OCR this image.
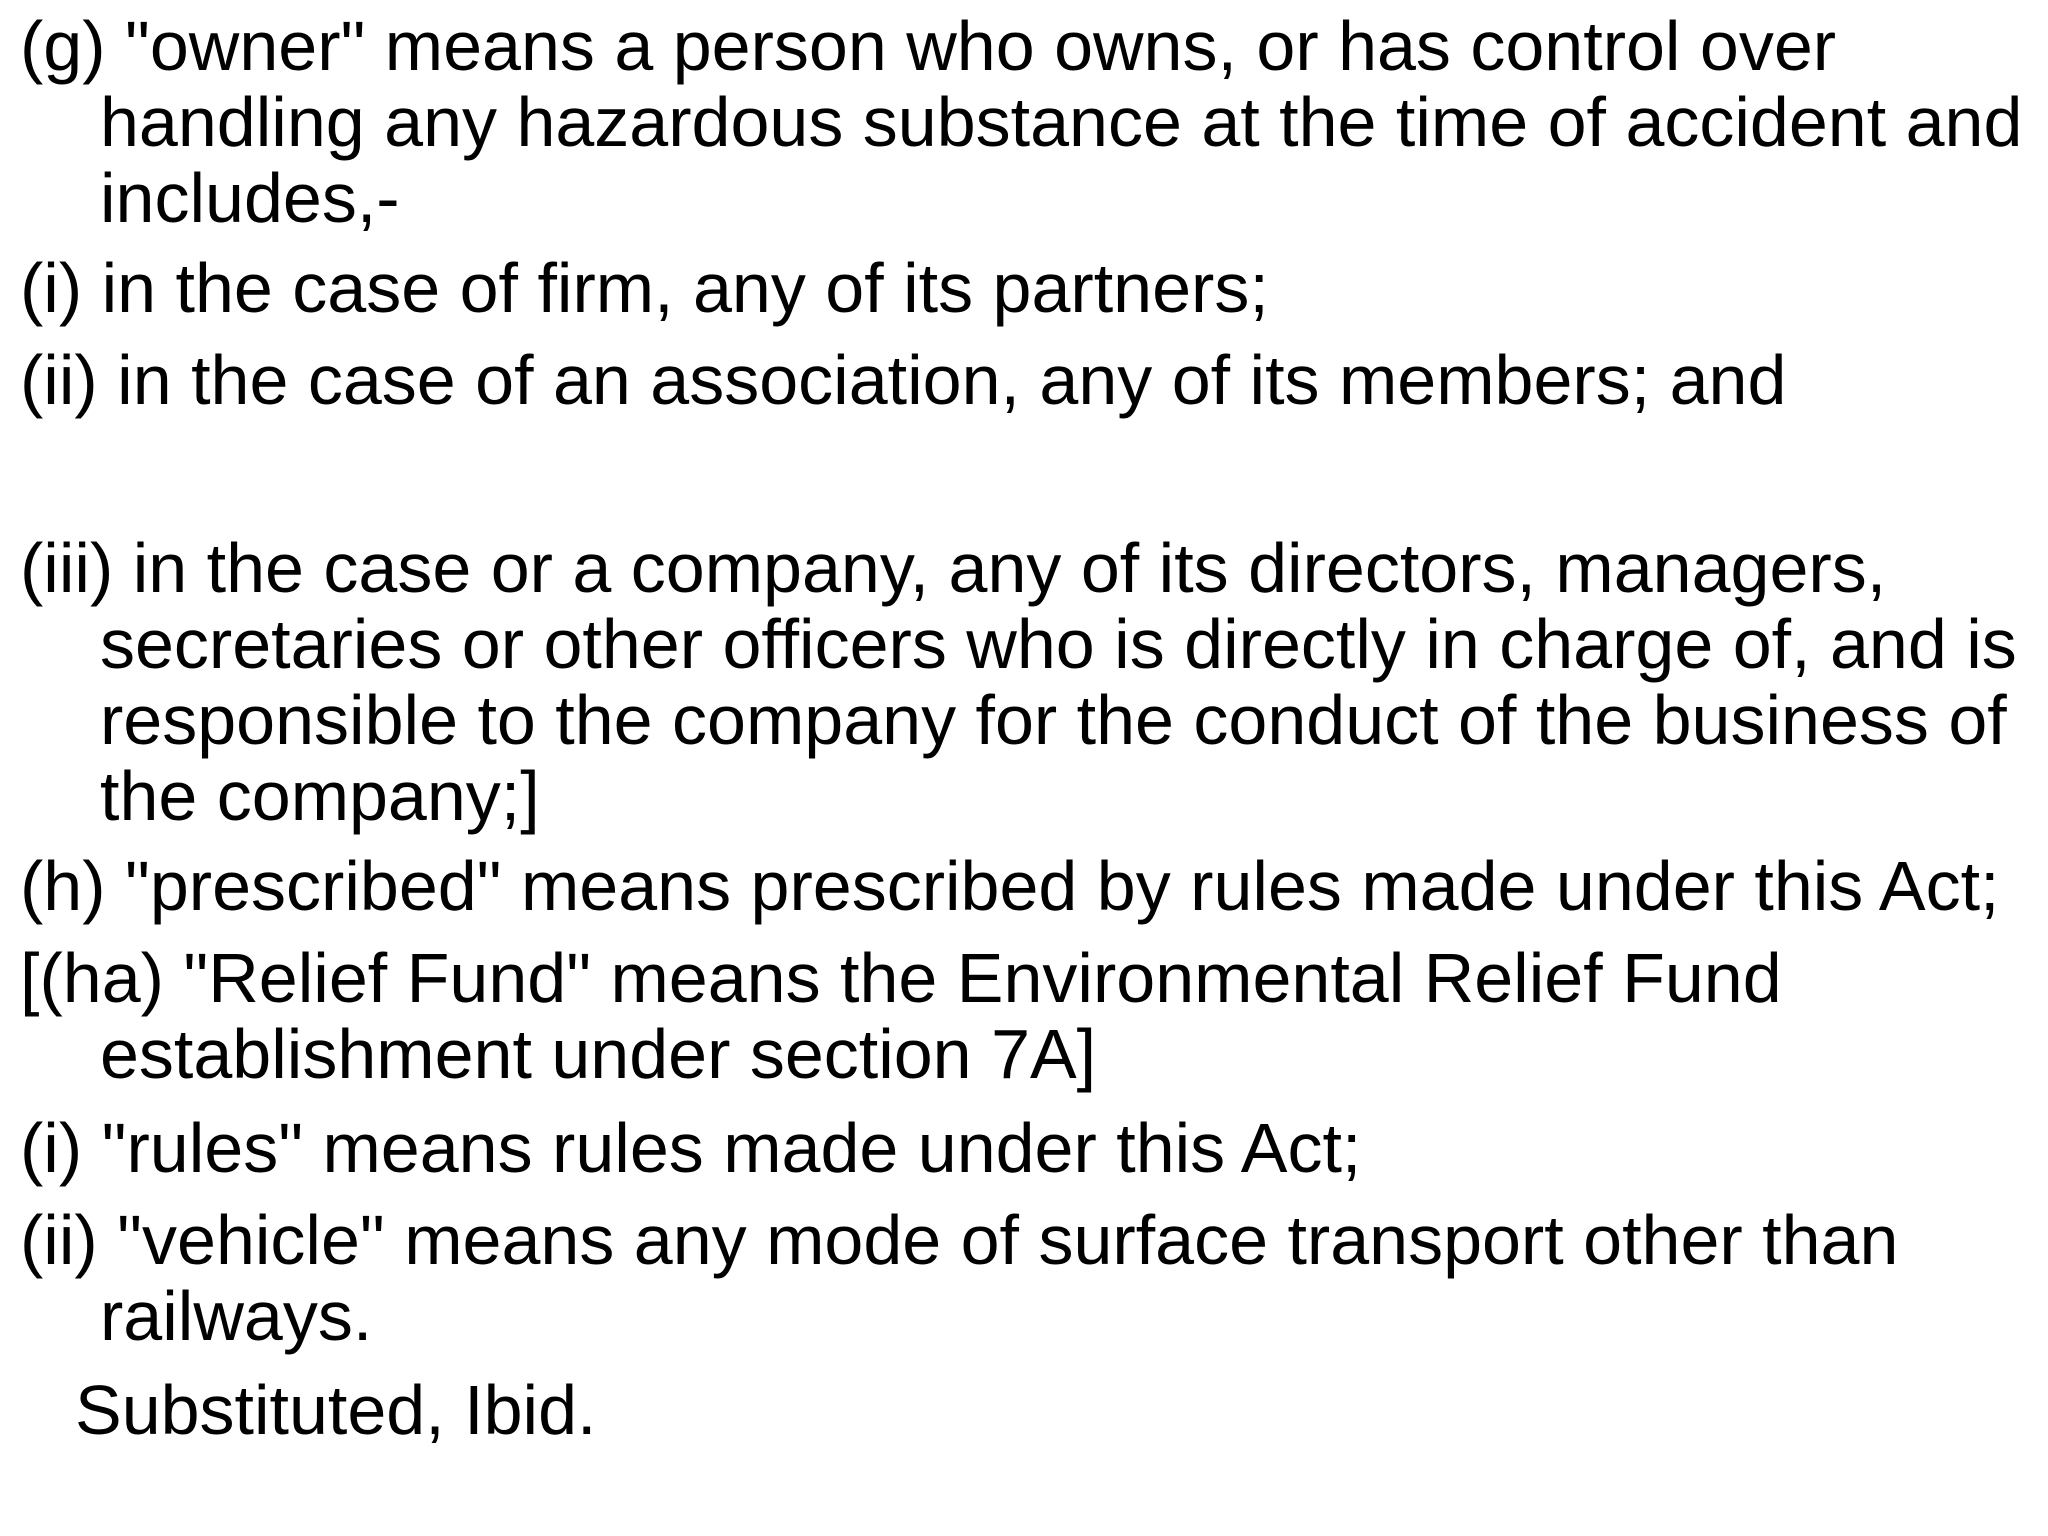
(g) "owner" means a person who owns, or has control over handling any hazardous substance at the time of accident and includes,-

(i) in the case of firm, any of its partners;

(ii) in the case of an association, any of its members; and

(iii) in the case or a company, any of its directors, managers, secretaries or other officers who is directly in charge of, and is responsible to the company for the conduct of the business of the company;]

(h) "prescribed" means prescribed by rules made under this Act;

[(ha) "Relief Fund" means the Environmental Relief Fund establishment under section 7A]

(i) "rules" means rules made under this Act;

(ii) "vehicle" means any mode of surface transport other than railways.

Substituted, Ibid.
